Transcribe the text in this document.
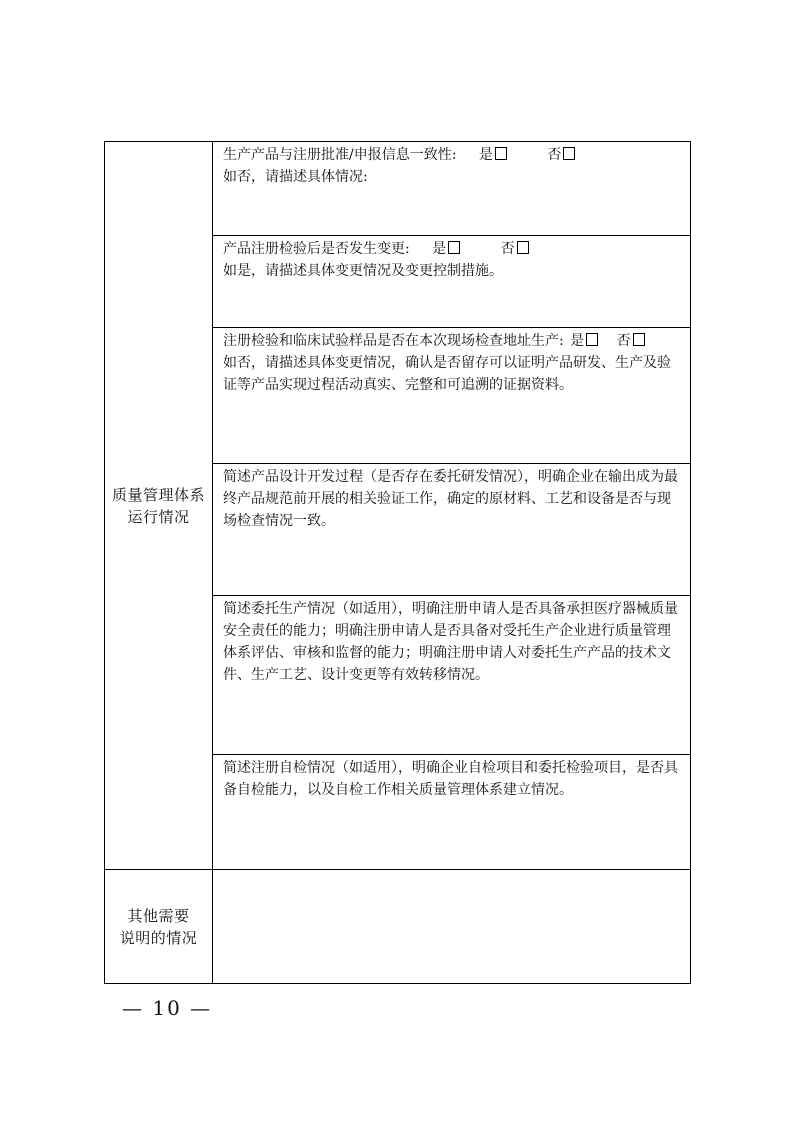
质量管理体系
运行情况	生产产品与注册批准/申报信息一致性: 是 否
如否，请描述具体情况:

	产品注册检验后是否发生变更: 是 否
如是，请描述具体变更情况及变更控制措施。

	注册检验和临床试验样品是否在本次现场检查地址生产: 是 否
如否，请描述具体变更情况，确认是否留存可以证明产品研发、生产及验证等产品实现过程活动真实、完整和可追溯的证据资料。

	简述产品设计开发过程（是否存在委托研发情况），明确企业在输出成为最终产品规范前开展的相关验证工作，确定的原材料、工艺和设备是否与现场检查情况一致。

	简述委托生产情况（如适用），明确注册申请人是否具备承担医疗器械质量安全责任的能力；明确注册申请人是否具备对受托生产企业进行质量管理体系评估、审核和监督的能力；明确注册申请人对委托生产产品的技术文件、生产工艺、设计变更等有效转移情况。

	简述注册自检情况（如适用），明确企业自检项目和委托检验项目，是否具备自检能力，以及自检工作相关质量管理体系建立情况。

其他需要
说明的情况	

— 10 —
